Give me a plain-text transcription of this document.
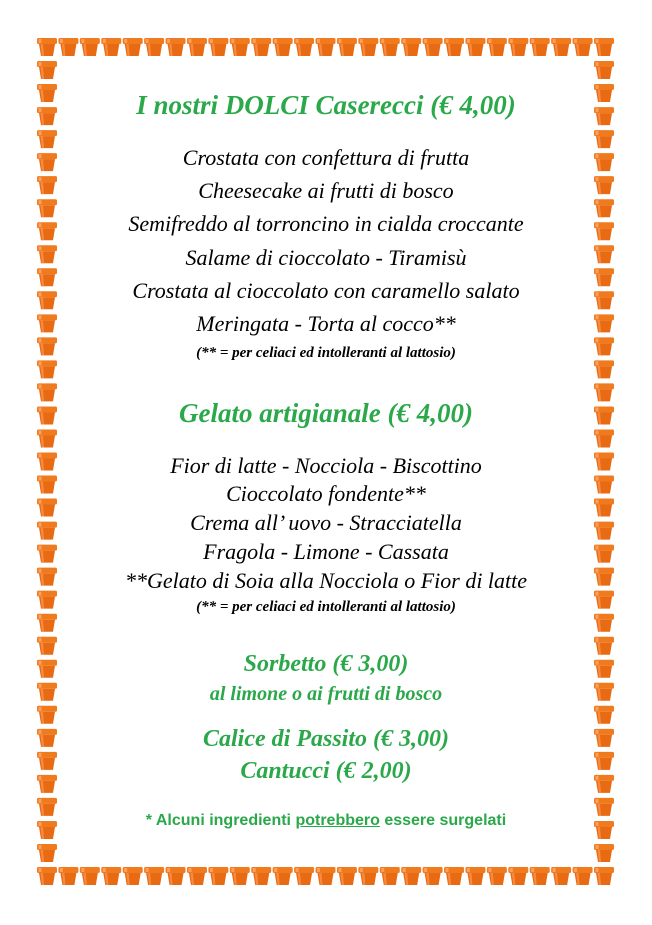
I nostri DOLCI Caserecci (€ 4,00)
Crostata con confettura di frutta
Cheesecake ai frutti di bosco
Semifreddo al torroncino in cialda croccante
Salame di cioccolato - Tiramisù
Crostata al cioccolato con caramello salato
Meringata - Torta al cocco**
(** = per celiaci ed intolleranti al lattosio)
Gelato artigianale (€ 4,00)
Fior di latte - Nocciola - Biscottino
Cioccolato fondente**
Crema all’ uovo - Stracciatella
Fragola - Limone - Cassata
**Gelato di Soia alla Nocciola o Fior di latte
(** = per celiaci ed intolleranti al lattosio)
Sorbetto (€ 3,00)
al limone o ai frutti di bosco
Calice di Passito (€ 3,00)
Cantucci (€ 2,00)
* Alcuni ingredienti potrebbero essere surgelati
